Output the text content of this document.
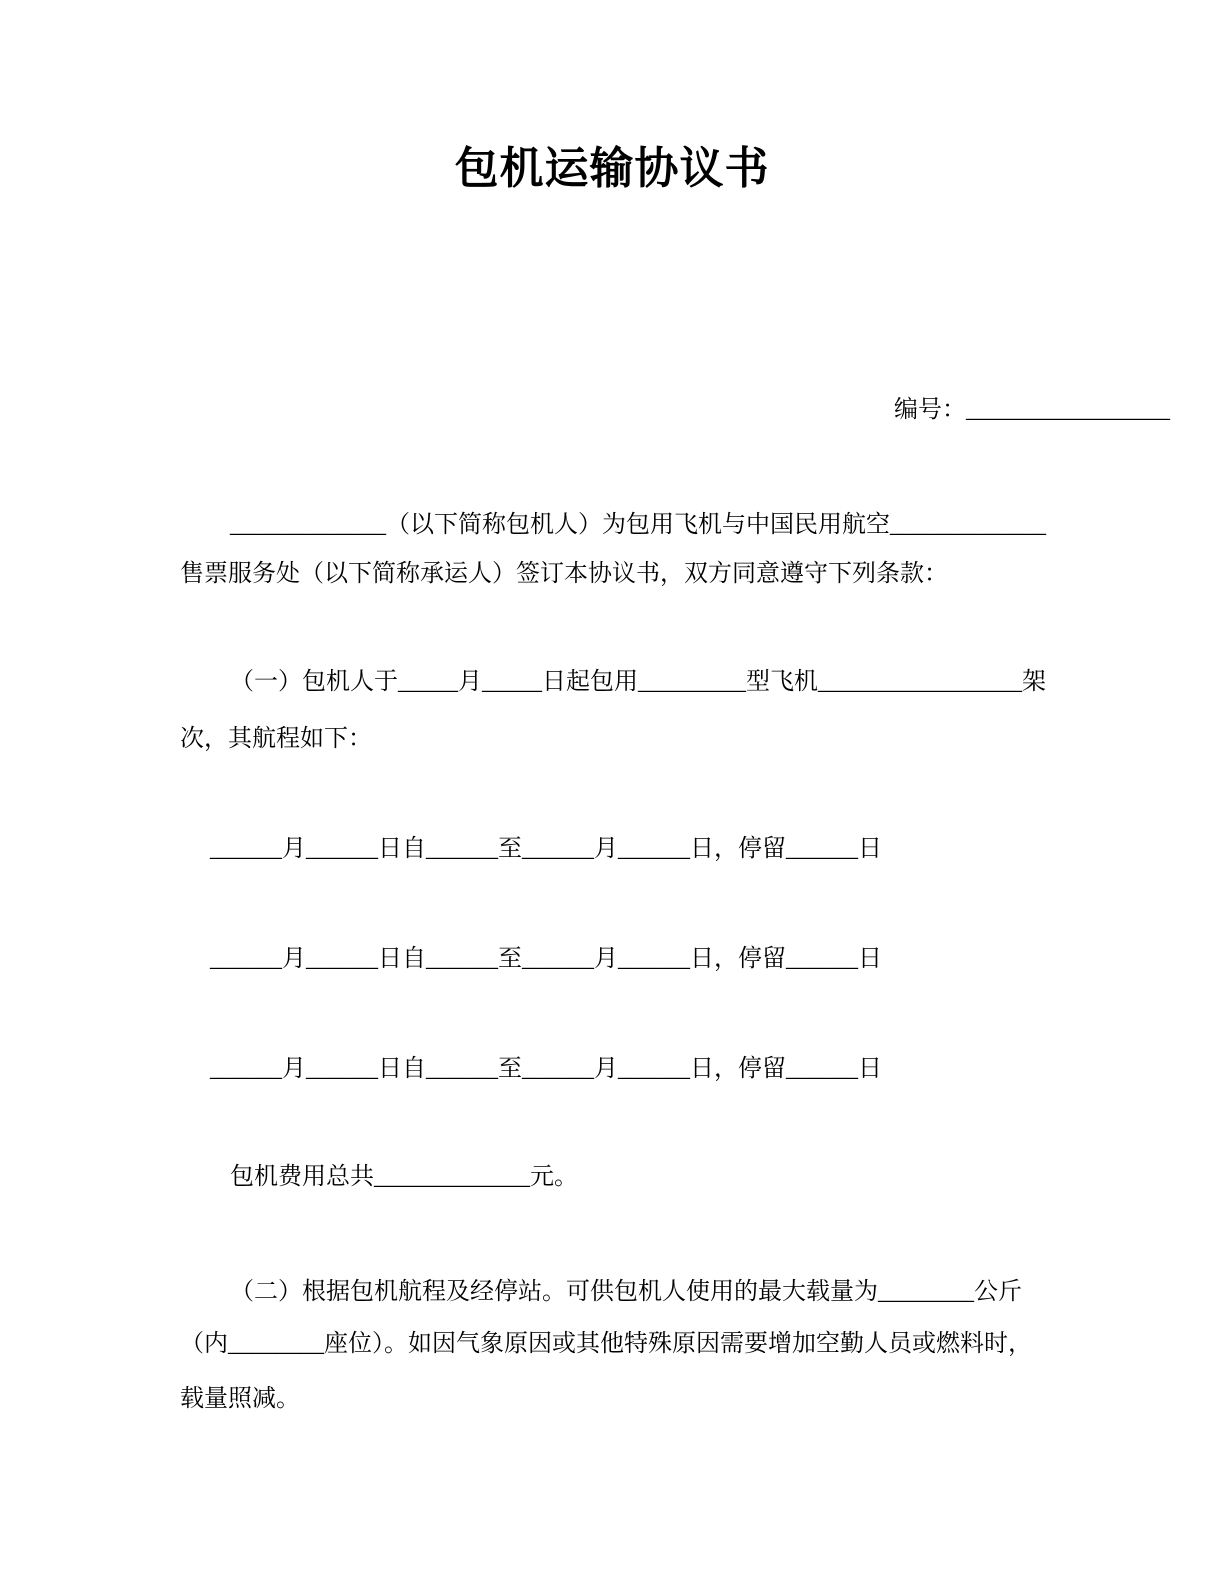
包机运输协议书
编号：_________________
_____________（以下简称包机人）为包用飞机与中国民用航空_____________
售票服务处（以下简称承运人）签订本协议书，双方同意遵守下列条款：
（一）包机人于_____月_____日起包用_________型飞机_________________架
次，其航程如下：
______月______日自______至______月______日，停留______日
______月______日自______至______月______日，停留______日
______月______日自______至______月______日，停留______日
包机费用总共_____________元。
（二）根据包机航程及经停站。可供包机人使用的最大载量为________公斤
（内________座位）。如因气象原因或其他特殊原因需要增加空勤人员或燃料时，
载量照减。
